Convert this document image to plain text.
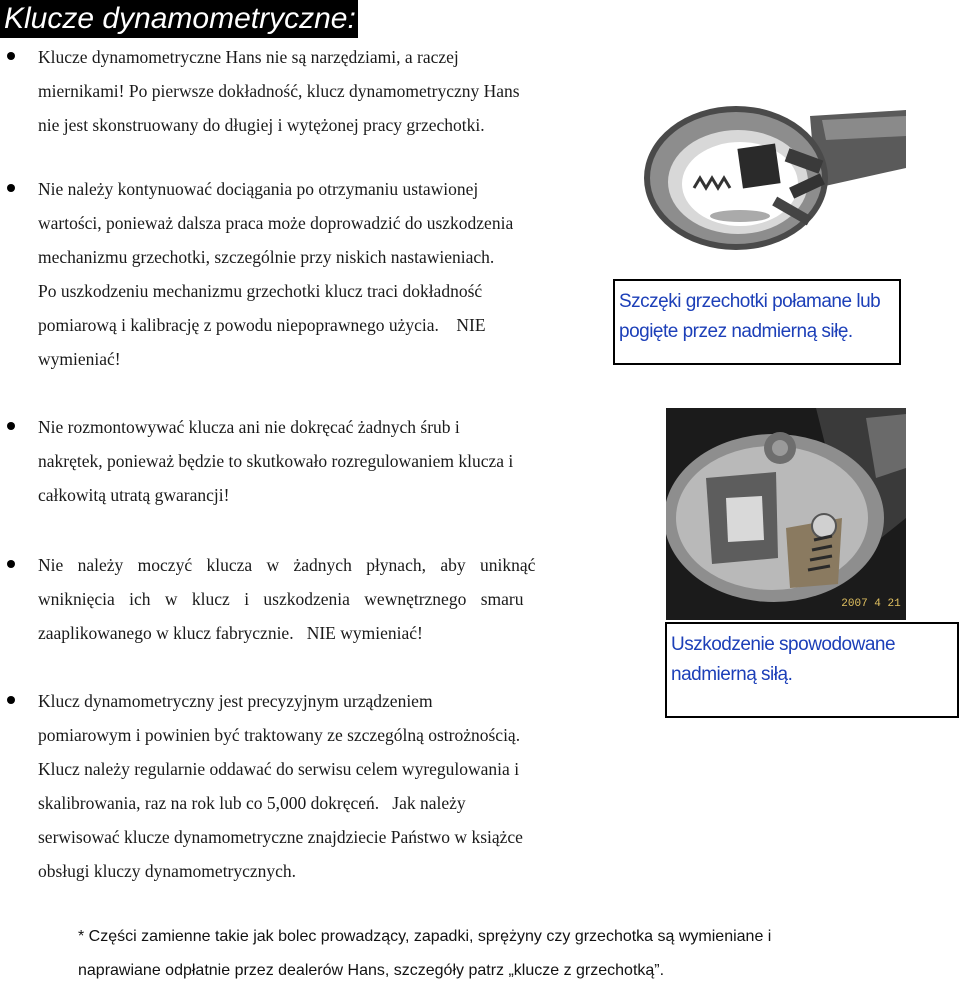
Klucze dynamometryczne:
Klucze dynamometryczne Hans nie są narzędziami, a raczej
miernikami! Po pierwsze dokładność, klucz dynamometryczny Hans
nie jest skonstruowany do długiej i wytężonej pracy grzechotki.
Nie należy kontynuować dociągania po otrzymaniu ustawionej
wartości, ponieważ dalsza praca może doprowadzić do uszkodzenia
mechanizmu grzechotki, szczególnie przy niskich nastawieniach.
Po uszkodzeniu mechanizmu grzechotki klucz traci dokładność
pomiarową i kalibrację z powodu niepoprawnego użycia.    NIE
wymieniać!
Nie rozmontowywać klucza ani nie dokręcać żadnych śrub i
nakrętek, ponieważ będzie to skutkowało rozregulowaniem klucza i
całkowitą utratą gwarancji!
Nie należy moczyć klucza w żadnych płynach, aby uniknąć
wniknięcia ich w klucz i uszkodzenia wewnętrznego smaru
zaaplikowanego w klucz fabrycznie.   NIE wymieniać!
Klucz dynamometryczny jest precyzyjnym urządzeniem
pomiarowym i powinien być traktowany ze szczególną ostrożnością.
Klucz należy regularnie oddawać do serwisu celem wyregulowania i
skalibrowania, raz na rok lub co 5,000 dokręceń.   Jak należy
serwisować klucze dynamometryczne znajdziecie Państwo w książce
obsługi kluczy dynamometrycznych.
Szczęki grzechotki połamane lub
pogięte przez nadmierną siłę.
2007 4 21
Uszkodzenie spowodowane
nadmierną siłą.
* Części zamienne takie jak bolec prowadzący, zapadki, sprężyny czy grzechotka są wymieniane i
naprawiane odpłatnie przez dealerów Hans, szczegóły patrz „klucze z grzechotką”.
